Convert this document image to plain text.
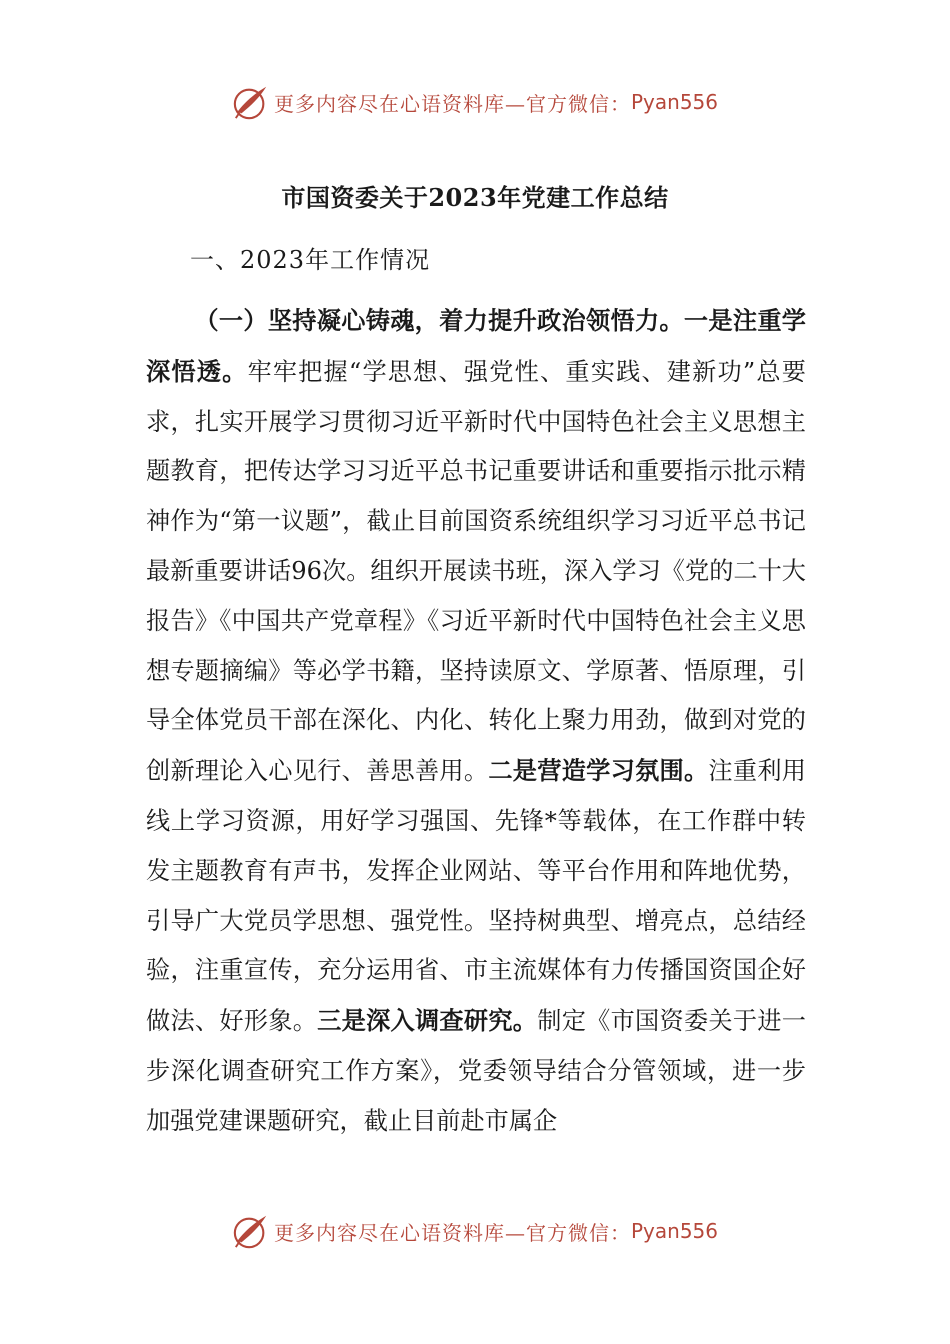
更多内容尽在心语资料库—官方微信： Pyan556
市国资委关于2023年党建工作总结
一、2023年工作情况

（一）坚持凝心铸魂，着力提升政治领悟力。一是注重学深悟透。牢牢把握“学思想、强党性、重实践、建新功”总要求，扎实开展学习贯彻习近平新时代中国特色社会主义思想主题教育，把传达学习习近平总书记重要讲话和重要指示批示精神作为“第一议题”，截止目前国资系统组织学习习近平总书记最新重要讲话96次。组织开展读书班，深入学习《党的二十大报告》《中国共产党章程》《习近平新时代中国特色社会主义思想专题摘编》等必学书籍，坚持读原文、学原著、悟原理，引导全体党员干部在深化、内化、转化上聚力用劲，做到对党的创新理论入心见行、善思善用。二是营造学习氛围。注重利用线上学习资源，用好学习强国、先锋*等载体，在工作群中转发主题教育有声书，发挥企业网站、等平台作用和阵地优势，引导广大党员学思想、强党性。坚持树典型、增亮点，总结经验，注重宣传，充分运用省、市主流媒体有力传播国资国企好做法、好形象。三是深入调查研究。制定《市国资委关于进一步深化调查研究工作方案》，党委领导结合分管领域，进一步加强党建课题研究，截止目前赴市属企

更多内容尽在心语资料库—官方微信： Pyan556
